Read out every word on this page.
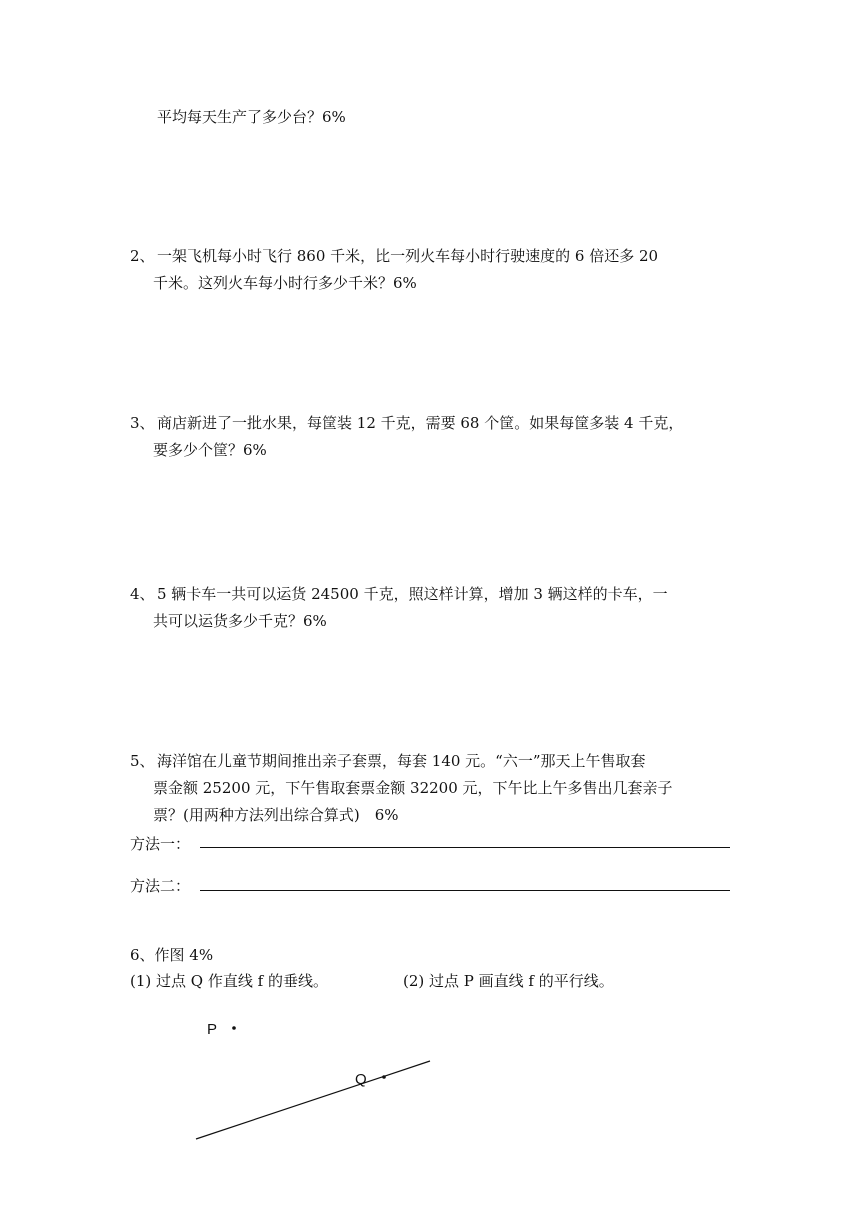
平均每天生产了多少台？6%
2、 一架飞机每小时飞行 860 千米，比一列火车每小时行驶速度的 6 倍还多 20
千米。这列火车每小时行多少千米？6%
3、 商店新进了一批水果，每筐装 12 千克，需要 68 个筐。如果每筐多装 4 千克，
要多少个筐？6%
4、 5 辆卡车一共可以运货 24500 千克，照这样计算，增加 3 辆这样的卡车，一
共可以运货多少千克？6%
5、 海洋馆在儿童节期间推出亲子套票，每套 140 元。“六一”那天上午售取套
票金额 25200 元，下午售取套票金额 32200 元，下午比上午多售出几套亲子
票？(用两种方法列出综合算式)　6%
方法一：
方法二：
6、作图 4%
(1) 过点 Q 作直线 f 的垂线。	(2) 过点 P 画直线 f 的平行线。
P
Q
